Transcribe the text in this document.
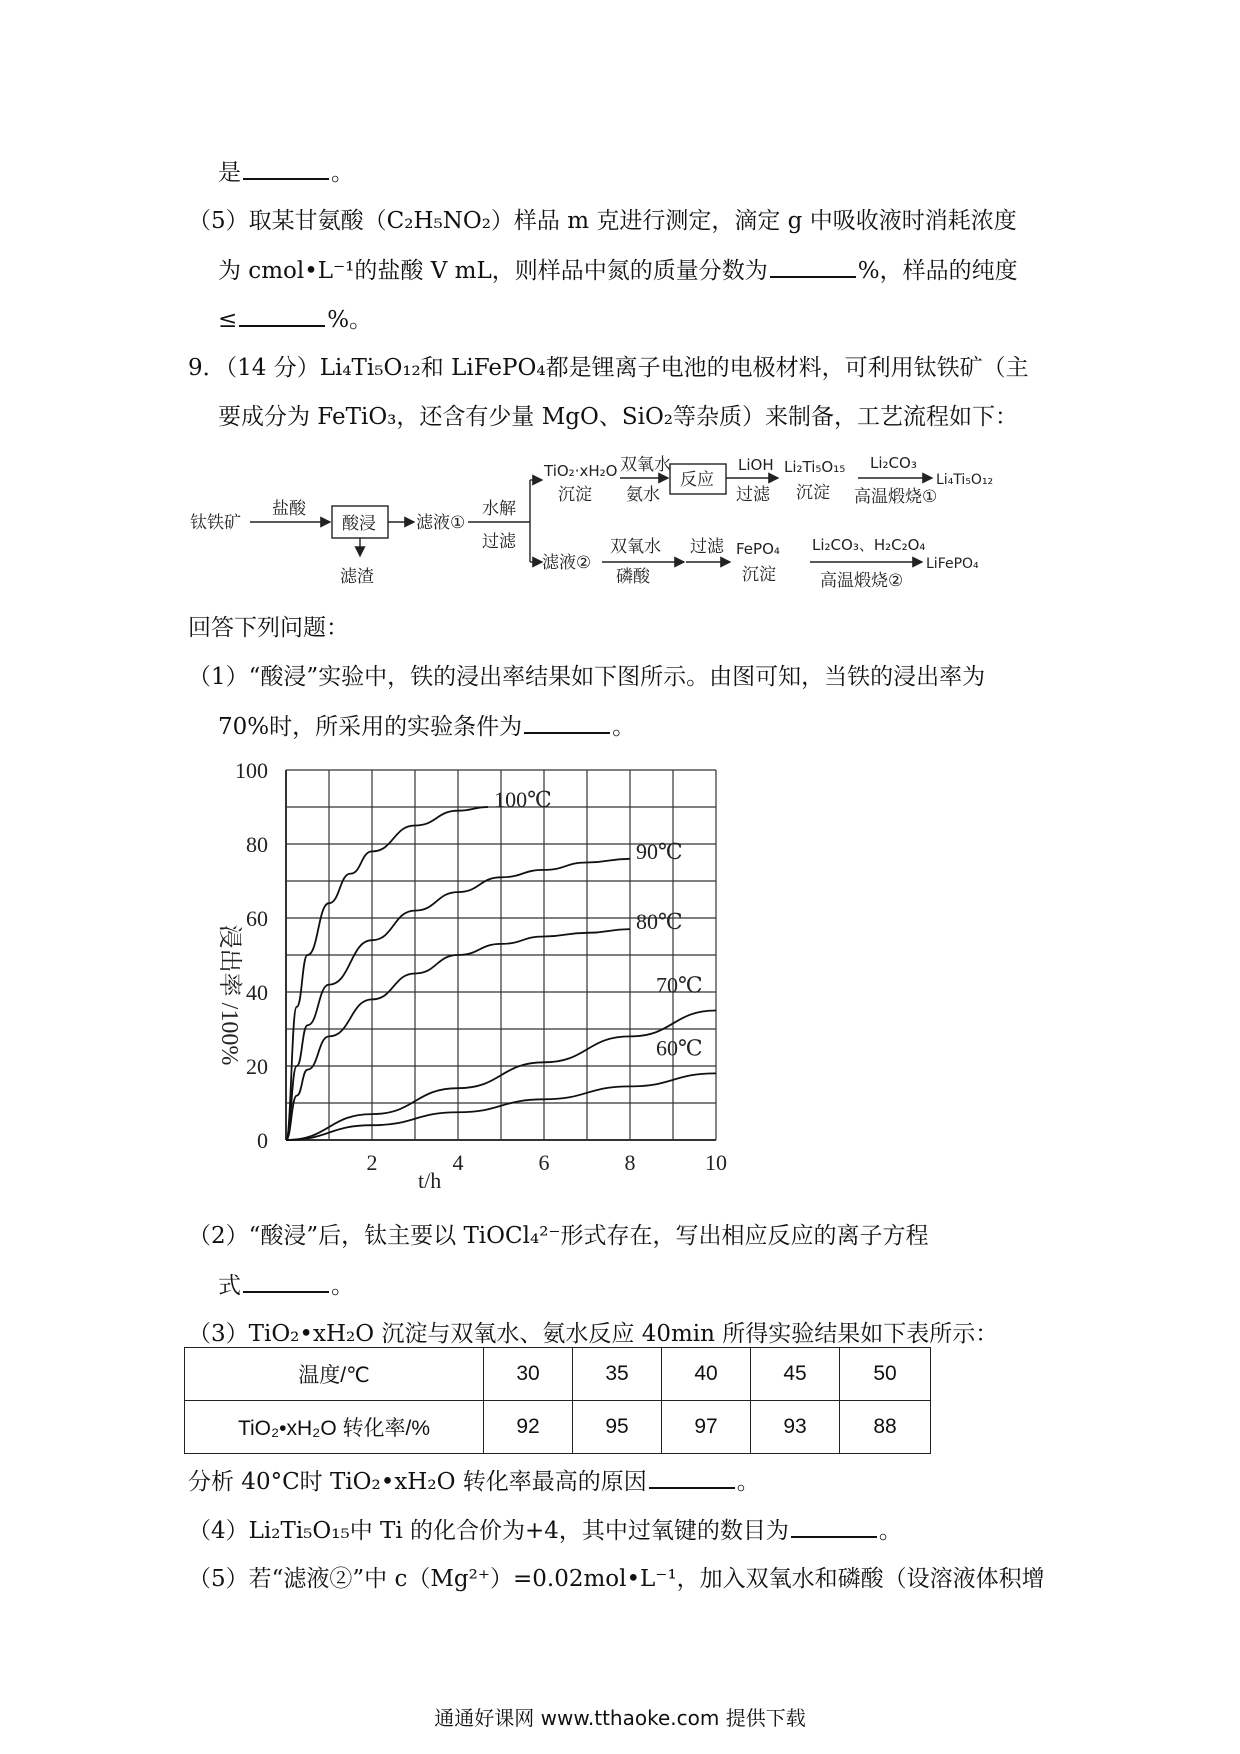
是	。
（5）取某甘氨酸（C₂H₅NO₂）样品 m 克进行测定，滴定 g 中吸收液时消耗浓度
为 cmol•L⁻¹的盐酸 V mL，则样品中氮的质量分数为	%，样品的纯度
≤	%。
9．（14 分）Li₄Ti₅O₁₂和 LiFePO₄都是锂离子电池的电极材料，可利用钛铁矿（主
要成分为 FeTiO₃，还含有少量 MgO、SiO₂等杂质）来制备，工艺流程如下：
钛铁矿
盐酸
酸浸
滤渣
滤液①
水解
过滤
TiO₂·xH₂O
沉淀
双氧水
氨水
反应
LiOH
过滤
Li₂Ti₅O₁₅
沉淀
Li₂CO₃
高温煅烧①
Li₄Ti₅O₁₂
滤液②
双氧水
磷酸
过滤 FePO₄
沉淀
Li₂CO₃、H₂C₂O₄
高温煅烧②
LiFePO₄
回答下列问题：
（1）“酸浸”实验中，铁的浸出率结果如下图所示。由图可知，当铁的浸出率为
70%时，所采用的实验条件为	。
0
20
40
60
80
100
2	4	6	8	10
100℃
90℃
80℃
70℃
60℃
t/h
浸出率 /100%
（2）“酸浸”后，钛主要以 TiOCl₄²⁻形式存在，写出相应反应的离子方程
式	。
（3）TiO₂•xH₂O 沉淀与双氧水、氨水反应 40min 所得实验结果如下表所示：
温度/℃	30	35	40	45	50
TiO₂•xH₂O 转化率/%	92	95	97	93	88
分析 40°C时 TiO₂•xH₂O 转化率最高的原因	。
（4）Li₂Ti₅O₁₅中 Ti 的化合价为+4，其中过氧键的数目为	。
（5）若“滤液②”中 c（Mg²⁺）=0.02mol•L⁻¹，加入双氧水和磷酸（设溶液体积增
通通好课网 www.tthaoke.com 提供下载
